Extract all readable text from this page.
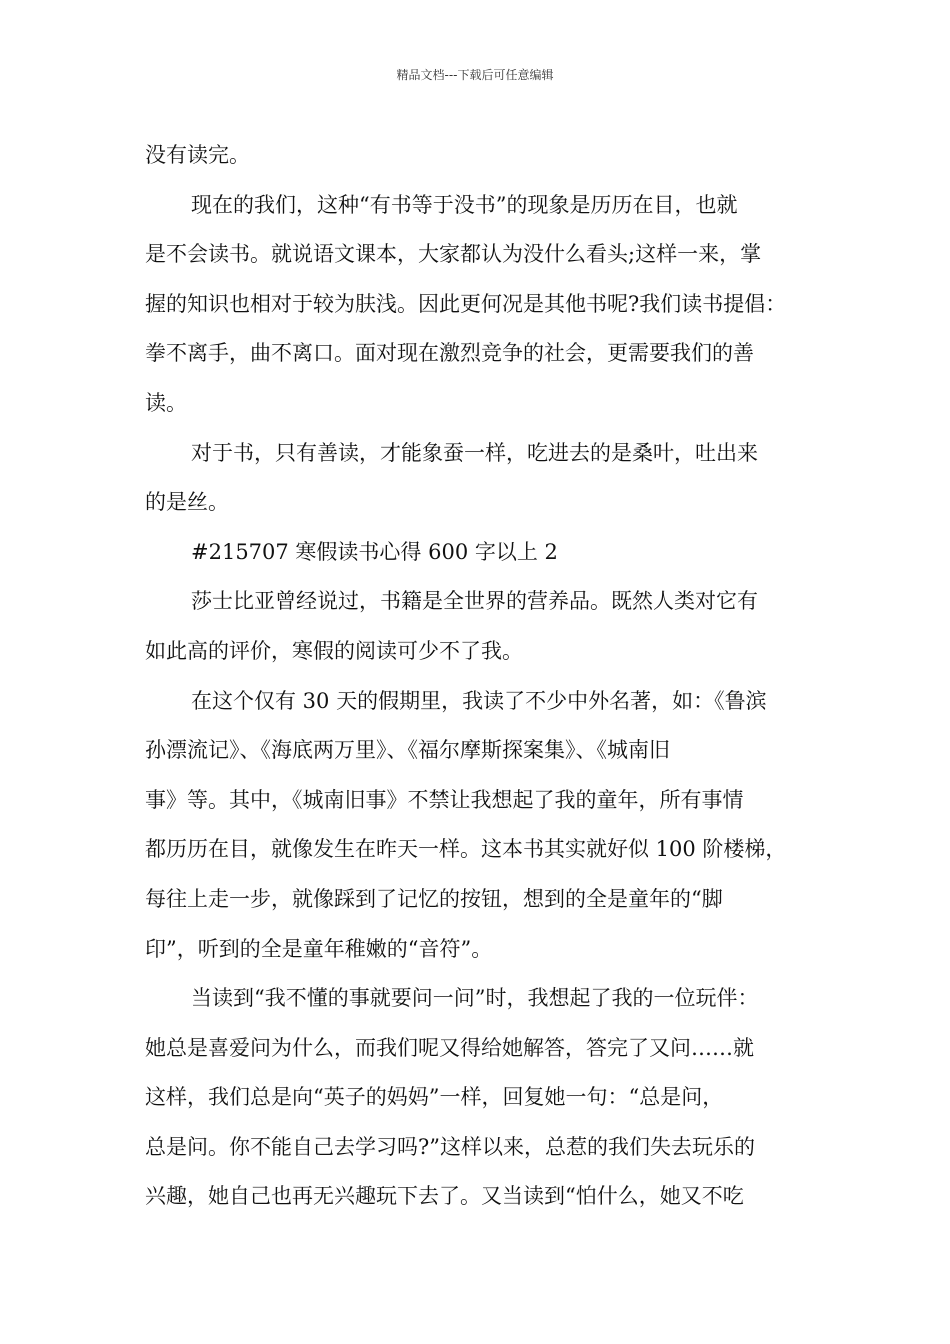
精品文档---下载后可任意编辑
没有读完。
现在的我们，这种“有书等于没书”的现象是历历在目，也就
是不会读书。就说语文课本，大家都认为没什么看头;这样一来，掌
握的知识也相对于较为肤浅。因此更何况是其他书呢?我们读书提倡：
拳不离手，曲不离口。面对现在激烈竞争的社会，更需要我们的善
读。
对于书，只有善读，才能象蚕一样，吃进去的是桑叶，吐出来
的是丝。
#215707 寒假读书心得 600 字以上 2
莎士比亚曾经说过，书籍是全世界的营养品。既然人类对它有
如此高的评价，寒假的阅读可少不了我。
在这个仅有 30 天的假期里，我读了不少中外名著，如：《鲁滨
孙漂流记》、《海底两万里》、《福尔摩斯探案集》、《城南旧
事》等。其中，《城南旧事》不禁让我想起了我的童年，所有事情
都历历在目，就像发生在昨天一样。这本书其实就好似 100 阶楼梯，
每往上走一步，就像踩到了记忆的按钮，想到的全是童年的“脚
印”，听到的全是童年稚嫩的“音符”。
当读到“我不懂的事就要问一问”时，我想起了我的一位玩伴：
她总是喜爱问为什么，而我们呢又得给她解答，答完了又问……就
这样，我们总是向“英子的妈妈”一样，回复她一句：“总是问，
总是问。你不能自己去学习吗?”这样以来，总惹的我们失去玩乐的
兴趣，她自己也再无兴趣玩下去了。又当读到“怕什么，她又不吃
